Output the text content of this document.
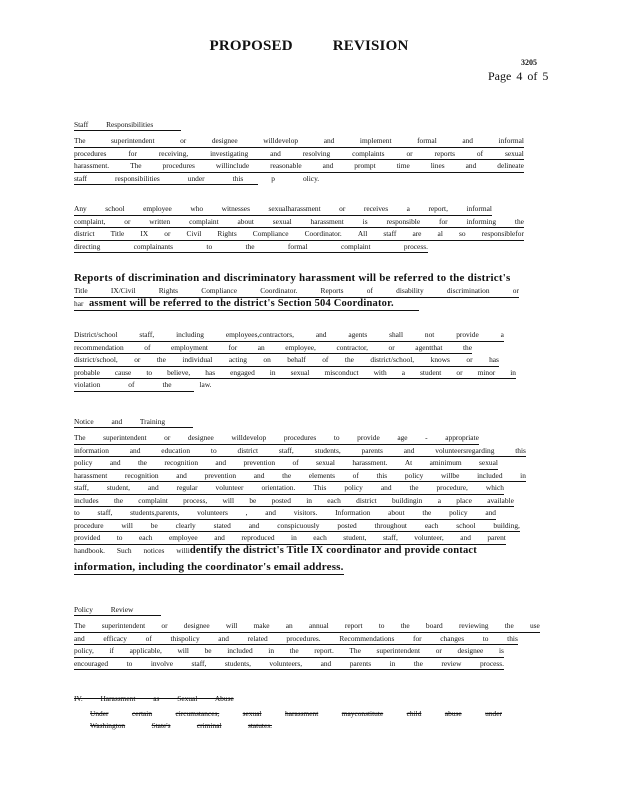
PROPOSED REVISION
3205
Page 4 of 5
Staff Responsibilities
The	superintendent	or	designee	willdevelop	and	implement	formal	and	informal
procedures	for	receiving,	investigating	and	resolving	complaints	or	reports	of	sexual
harassment.	The	procedures	willinclude	reasonable	and	prompt	time	lines	and	delineate
staff	responsibilities	under	this	p	olicy.
Any	school	employee	who	witnesses	sexualharassment	or	receives	a	report,	informal
complaint,	or	written	complaint	about	sexual	harassment	is	responsible	for	informing	the
district Title IX or Civil Rights Compliance Coordinator. All staff are al so responsiblefor
directing	complainants	to	the	formal	complaint	process.
Reports of discrimination and discriminatory harassment will be referred to the district's
Title	IX/Civil	Rights	Compliance	Coordinator.	Reports	of	disability	discrimination	or
har
assment will be referred to the district's Section 504 Coordinator.
District/school	staff,	including	employees,contractors,	and	agents	shall	not	provide	a
recommendation	of	employment	for	an	employee,	contractor,	or	agentthat	the
district/school, or the individual acting on behalf of the district/school, knows or has
probable cause to believe, has engaged in sexual misconduct with a student or minor in
violation	of	the	law.
Notice and Training
The superintendent or designee willdevelop procedures to provide age - appropriate
information	and	education	to	district	staff,	students,	parents	and	volunteersregarding	this
policy and the recognition and prevention of sexual harassment. At aminimum sexual
harassment recognition and prevention and the elements of this policy willbe included in
staff, student, and regular volunteer orientation. This policy and the procedure, which
includes the complaint process, will be posted in each district buildingin a place available
to staff, students,parents, volunteers , and visitors. Information about the policy and
procedure will be clearly stated and conspicuously posted throughout each school building,
provided to each employee and reproduced in each student, staff, volunteer, and parent
handbook. Such notices willi dentify the district's Title IX coordinator and provide contact
information, including the coordinator's email address.
Policy Review
The superintendent or designee will make an annual report to the board reviewing the use
and	efficacy	of	thispolicy	and	related	procedures.	Recommendations	for	changes	to	this
policy, if applicable, will be included in the report. The superintendent or designee is
encouraged	to	involve	staff,	students,	volunteers,	and	parents	in	the	review	process.
IV. Harassment as Sexual Abuse
Under	certain	circumstances,	sexual	harassment	mayconstitute	child	abuse	under
Washington	State's	criminal	statutes.
